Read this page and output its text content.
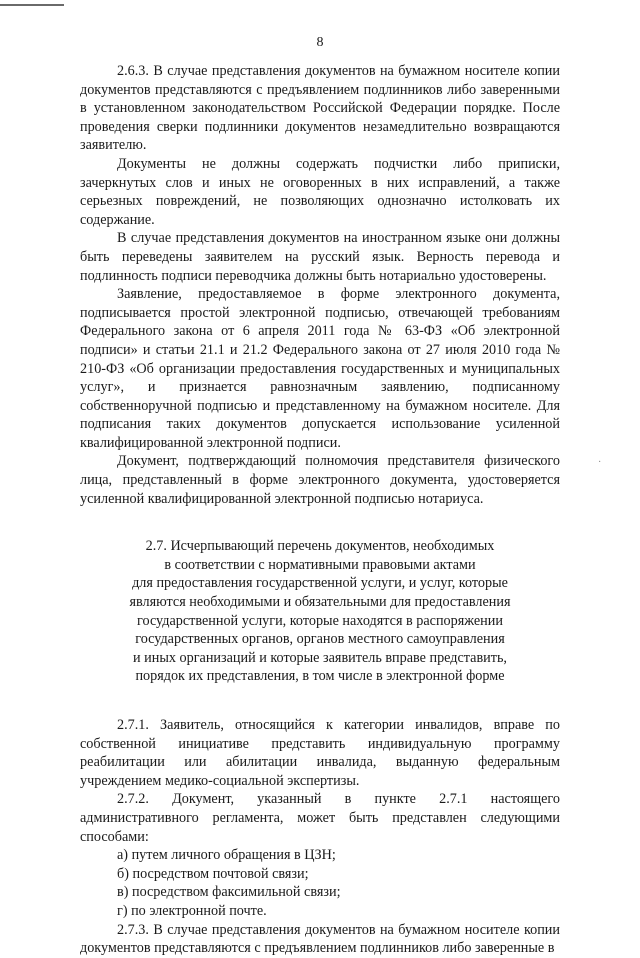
8

2.6.3. В случае представления документов на бумажном носителе копии документов представляются с предъявлением подлинников либо заверенными в установленном законодательством Российской Федерации порядке. После проведения сверки подлинники документов незамедлительно возвращаются заявителю.

Документы не должны содержать подчистки либо приписки, зачеркнутых слов и иных не оговоренных в них исправлений, а также серьезных повреждений, не позволяющих однозначно истолковать их содержание.

В случае представления документов на иностранном языке они должны быть переведены заявителем на русский язык. Верность перевода и подлинность подписи переводчика должны быть нотариально удостоверены.

Заявление, предоставляемое в форме электронного документа, подписывается простой электронной подписью, отвечающей требованиям Федерального закона от 6 апреля 2011 года № 63-ФЗ «Об электронной подписи» и статьи 21.1 и 21.2 Федерального закона от 27 июля 2010 года № 210-ФЗ «Об организации предоставления государственных и муниципальных услуг», и признается равнозначным заявлению, подписанному собственноручной подписью и представленному на бумажном носителе. Для подписания таких документов допускается использование усиленной квалифицированной электронной подписи.

Документ, подтверждающий полномочия представителя физического лица, представленный в форме электронного документа, удостоверяется усиленной квалифицированной электронной подписью нотариуса.

2.7. Исчерпывающий перечень документов, необходимых
в соответствии с нормативными правовыми актами
для предоставления государственной услуги, и услуг, которые
являются необходимыми и обязательными для предоставления
государственной услуги, которые находятся в распоряжении
государственных органов, органов местного самоуправления
и иных организаций и которые заявитель вправе представить,
порядок их представления, в том числе в электронной форме

2.7.1. Заявитель, относящийся к категории инвалидов, вправе по собственной инициативе представить индивидуальную программу реабилитации или абилитации инвалида, выданную федеральным учреждением медико-социальной экспертизы.

2.7.2. Документ, указанный в пункте 2.7.1 настоящего административного регламента, может быть представлен следующими способами:

а) путем личного обращения в ЦЗН;

б) посредством почтовой связи;

в) посредством факсимильной связи;

г) по электронной почте.

2.7.3. В случае представления документов на бумажном носителе копии документов представляются с предъявлением подлинников либо заверенные в

·
